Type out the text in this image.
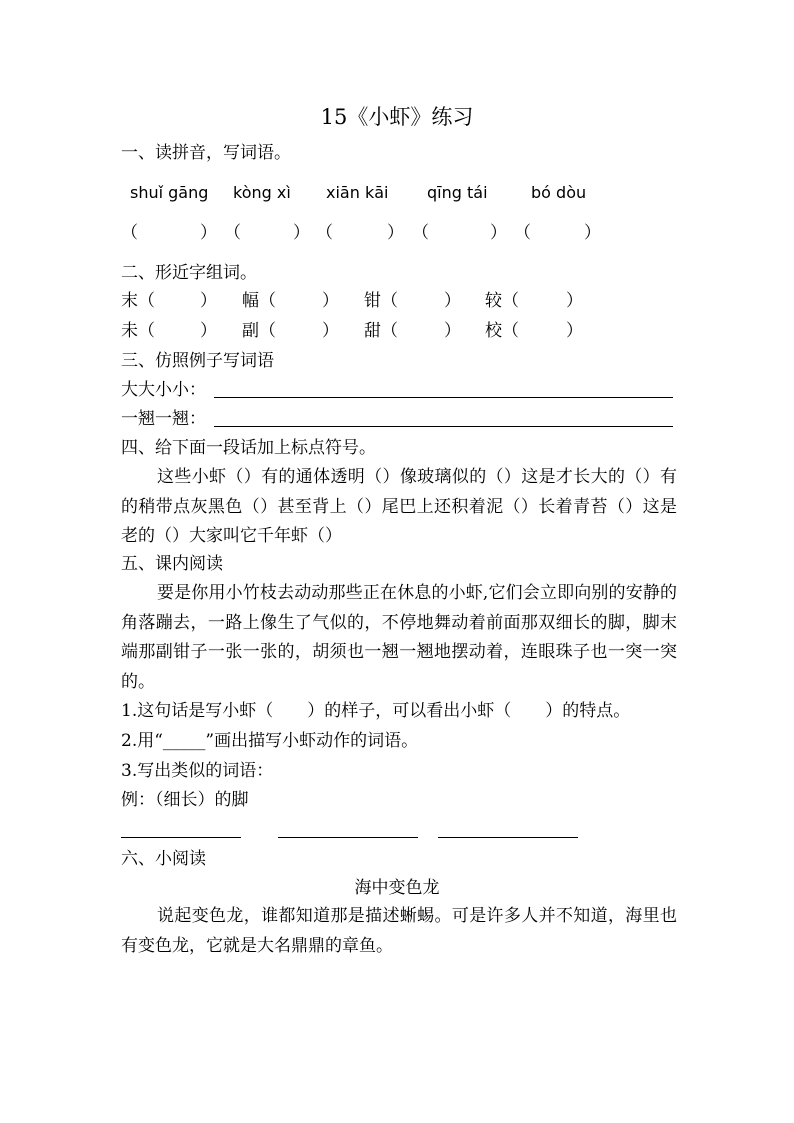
15《小虾》练习
一、读拼音，写词语。
shuǐ gāng kòng xì xiān kāi qīng tái	bó dòu
（	） （	） （	） （	） （	）
二、形近字组词。
末（	） 幅（	） 钳（	） 较（	）
未（	） 副（	） 甜（	） 校（	）
三、仿照例子写词语
大大小小：
一翘一翘：
四、给下面一段话加上标点符号。
这些小虾（）有的通体透明（）像玻璃似的（）这是才长大的（）有的稍带点灰黑色（）甚至背上（）尾巴上还积着泥（）长着青苔（）这是老的（）大家叫它千年虾（）
五、课内阅读
要是你用小竹枝去动动那些正在休息的小虾,它们会立即向别的安静的角落蹦去，一路上像生了气似的，不停地舞动着前面那双细长的脚，脚末端那副钳子一张一张的，胡须也一翘一翘地摆动着，连眼珠子也一突一突的。
1.这句话是写小虾（　　）的样子，可以看出小虾（　　）的特点。
2.用“_____”画出描写小虾动作的词语。
3.写出类似的词语：
例：（细长）的脚
六、小阅读
海中变色龙
说起变色龙，谁都知道那是描述蜥蜴。可是许多人并不知道，海里也有变色龙，它就是大名鼎鼎的章鱼。
